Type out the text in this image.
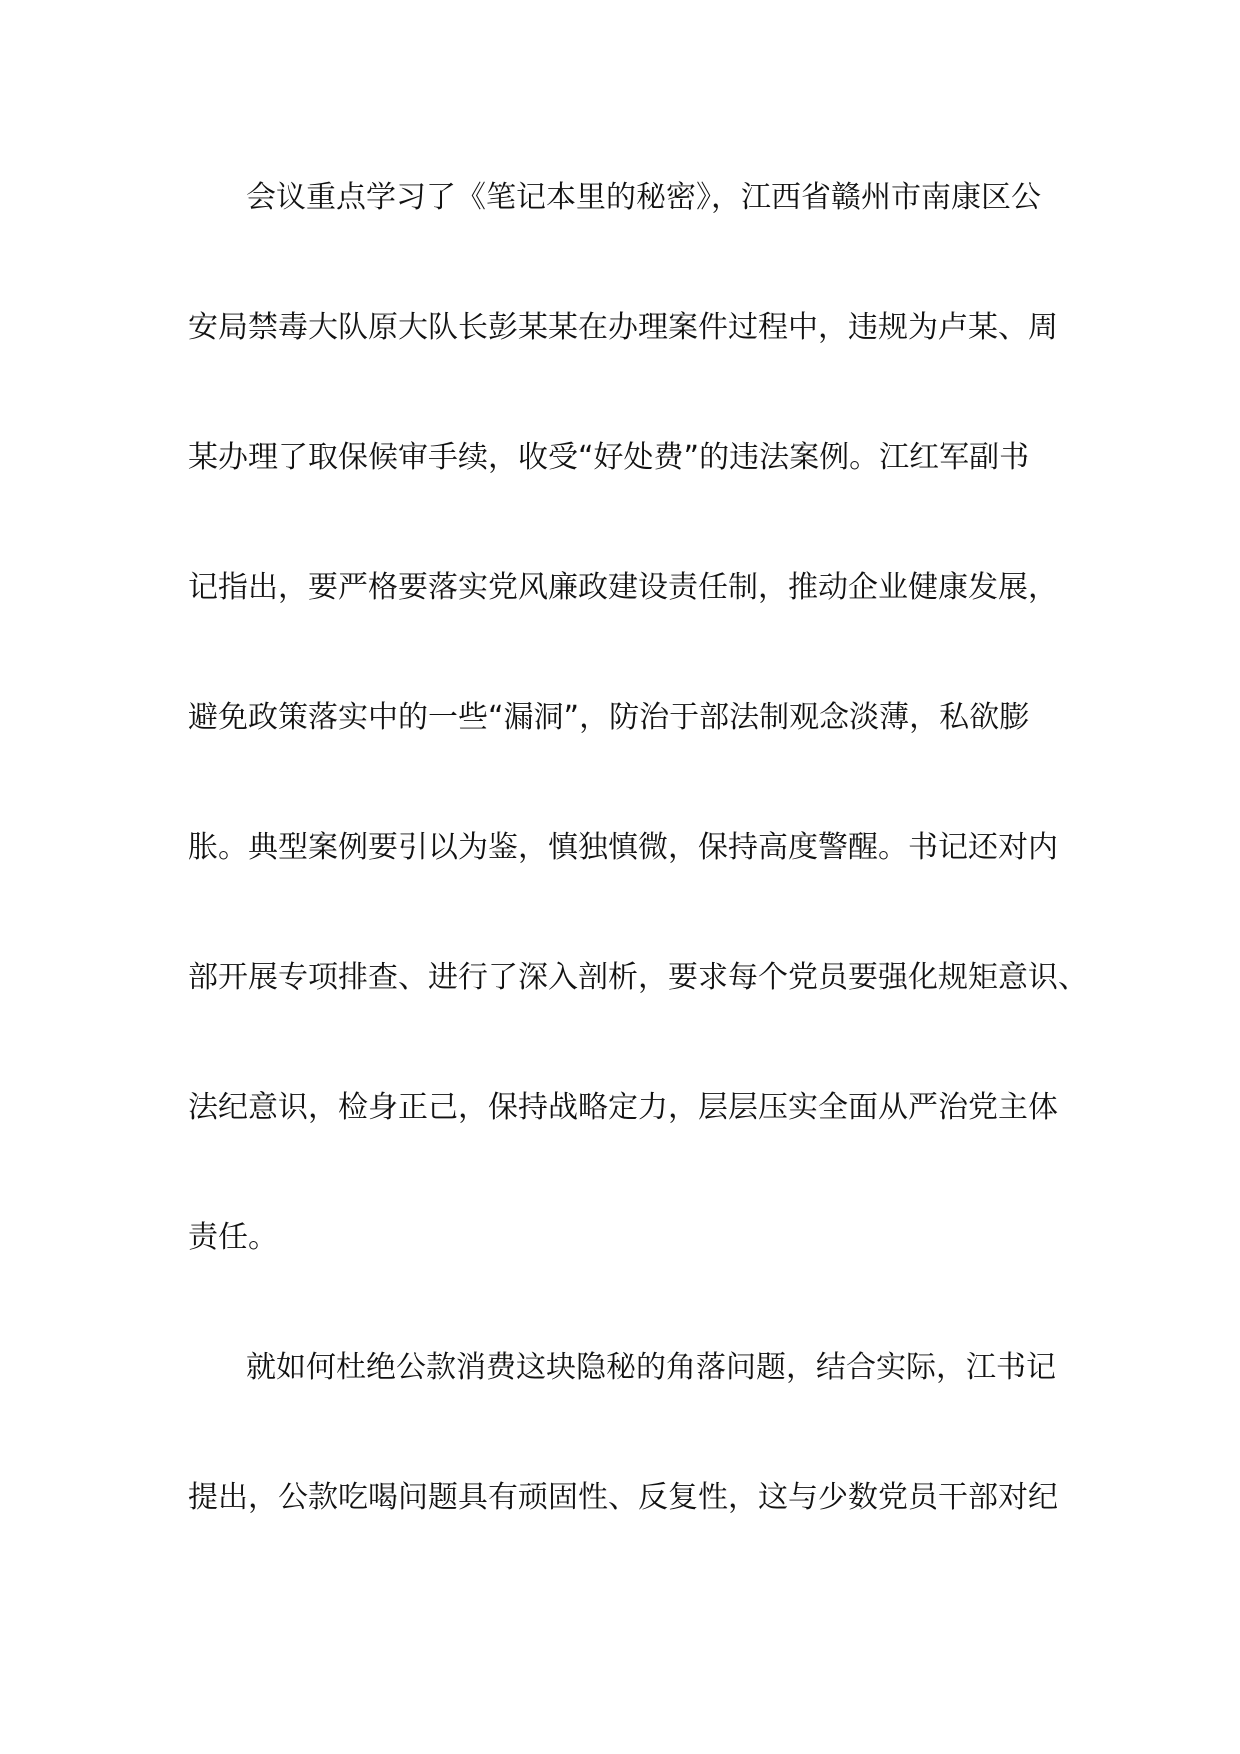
会议重点学习了《笔记本里的秘密》，江西省赣州市南康区公
安局禁毒大队原大队长彭某某在办理案件过程中，违规为卢某、周
某办理了取保候审手续，收受“好处费”的违法案例。江红军副书
记指出，要严格要落实党风廉政建设责任制，推动企业健康发展，
避免政策落实中的一些“漏洞”，防治于部法制观念淡薄，私欲膨
胀。典型案例要引以为鉴，慎独慎微，保持高度警醒。书记还对内
部开展专项排查、进行了深入剖析，要求每个党员要强化规矩意识、
法纪意识，检身正己，保持战略定力，层层压实全面从严治党主体
责任。
就如何杜绝公款消费这块隐秘的角落问题，结合实际，江书记
提出，公款吃喝问题具有顽固性、反复性，这与少数党员干部对纪
